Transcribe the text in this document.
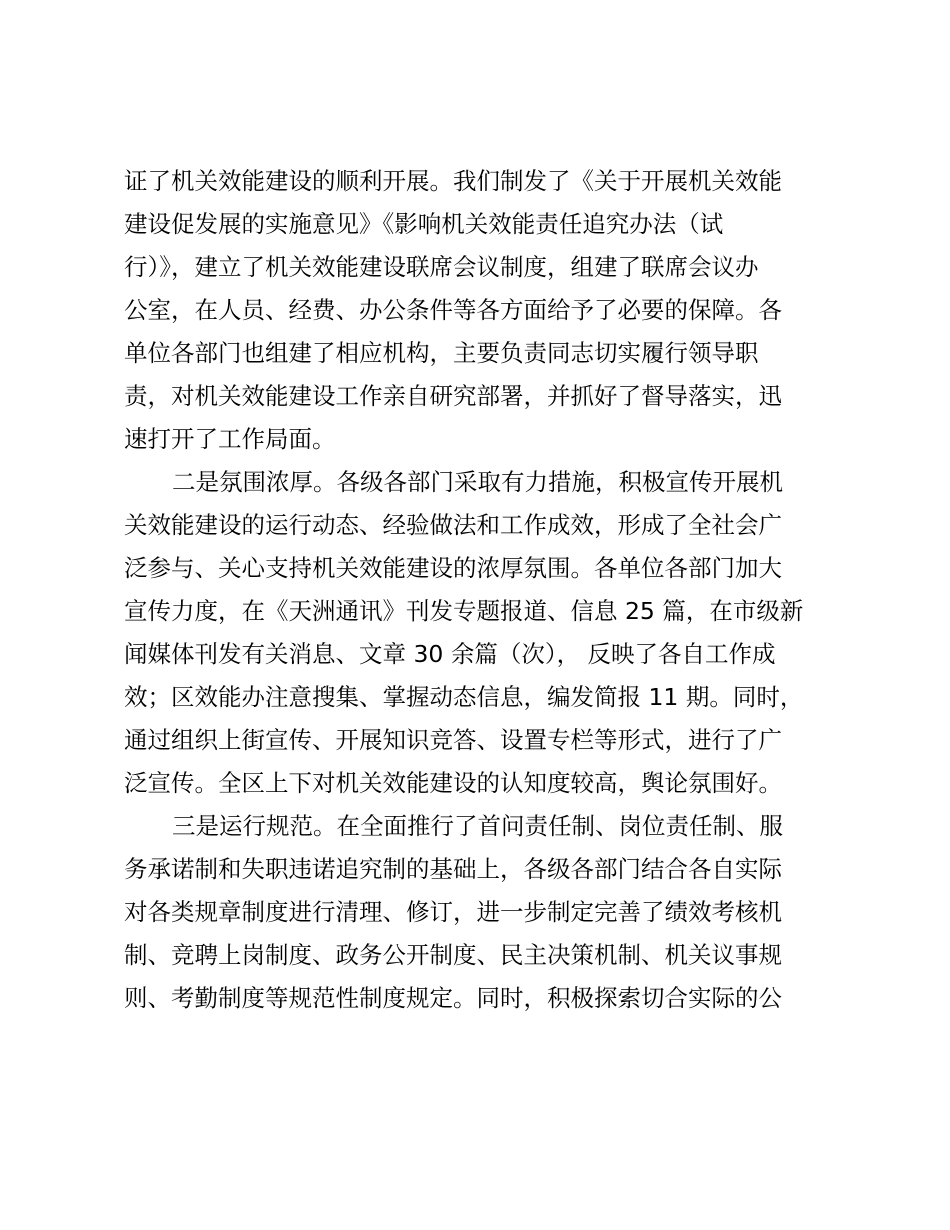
证了机关效能建设的顺利开展。我们制发了《关于开展机关效能
建设促发展的实施意见》《影响机关效能责任追究办法（试
行）》，建立了机关效能建设联席会议制度，组建了联席会议办
公室，在人员、经费、办公条件等各方面给予了必要的保障。各
单位各部门也组建了相应机构，主要负责同志切实履行领导职
责，对机关效能建设工作亲自研究部署，并抓好了督导落实，迅
速打开了工作局面。
二是氛围浓厚。各级各部门采取有力措施，积极宣传开展机
关效能建设的运行动态、经验做法和工作成效，形成了全社会广
泛参与、关心支持机关效能建设的浓厚氛围。各单位各部门加大
宣传力度，在《天洲通讯》刊发专题报道、信息 25 篇，在市级新
闻媒体刊发有关消息、文章 30 余篇（次）， 反映了各自工作成
效；区效能办注意搜集、掌握动态信息，编发简报 11 期。同时，
通过组织上街宣传、开展知识竞答、设置专栏等形式，进行了广
泛宣传。全区上下对机关效能建设的认知度较高，舆论氛围好。
三是运行规范。在全面推行了首问责任制、岗位责任制、服
务承诺制和失职违诺追究制的基础上，各级各部门结合各自实际
对各类规章制度进行清理、修订，进一步制定完善了绩效考核机
制、竞聘上岗制度、政务公开制度、民主决策机制、机关议事规
则、考勤制度等规范性制度规定。同时，积极探索切合实际的公
